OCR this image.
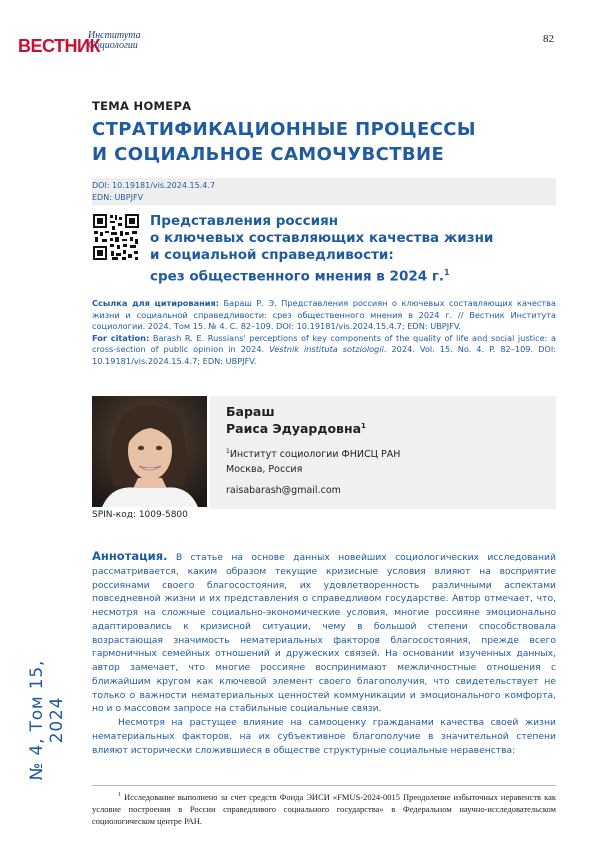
ВЕСТНИК
Института Социологии
82
ТЕМА НОМЕРА
СТРАТИФИКАЦИОННЫЕ ПРОЦЕССЫ
И СОЦИАЛЬНОЕ САМОЧУВСТВИЕ
DOI: 10.19181/vis.2024.15.4.7
EDN: UBPJFV
Представления россиян
о ключевых составляющих качества жизни
и социальной справедливости:
срез общественного мнения в 2024 г.$^1$
Ссылка для цитирования: Бараш Р. Э. Представления россиян о ключевых составляющих качества жизни и социальной справедливости: срез общественного мнения в 2024 г. // Вестник Института социологии. 2024. Том 15. № 4. С. 82–109. DOI: 10.19181/vis.2024.15.4.7; EDN: UBPJFV.
For citation: Barash R. E. Russians' perceptions of key components of the quality of life and social justice: a cross-section of public opinion in 2024. Vestnik instituta sotziologii. 2024. Vol. 15. No. 4. P. 82–109. DOI: 10.19181/vis.2024.15.4.7; EDN: UBPJFV.
SPIN-код: 1009-5800
Бараш
Раиса Эдуардовна$^1$
$^1$Институт социологии ФНИСЦ РАН
Москва, Россия
raisabarash@gmail.com

Аннотация. В статье на основе данных новейших социологических исследований рассматривается, каким образом текущие кризисные условия влияют на восприятие россиянами своего благосостояния, их удовлетворенность различными аспектами повседневной жизни и их представления о справедливом государстве. Автор отмечает, что, несмотря на сложные социально-экономические условия, многие россияне эмоционально адаптировались к кризисной ситуации, чему в большой степени способствовала возрастающая значимость нематериальных факторов благосостояния, прежде всего гармоничных семейных отношений и дружеских связей. На основании изученных данных, автор замечает, что многие россияне воспринимают межличностные отношения с ближайшим кругом как ключевой элемент своего благополучия, что свидетельствует не только о важности нематериальных ценностей коммуникации и эмоционального комфорта, но и о массовом запросе на стабильные социальные связи.

Несмотря на растущее влияние на самооценку гражданами качества своей жизни нематериальных факторов, на их субъективное благополучие в значительной степени влияют исторически сложившиеся в обществе структурные социальные неравенства:

$^1$ Исследование выполнено за счет средств Фонда ЭИСИ «FMUS-2024-0015 Преодоление избыточных неравенств как условие построения в России справедливого социального государства» в Федеральном научно-исследовательском социологическом центре РАН.
№ 4, Том 15, 2024
